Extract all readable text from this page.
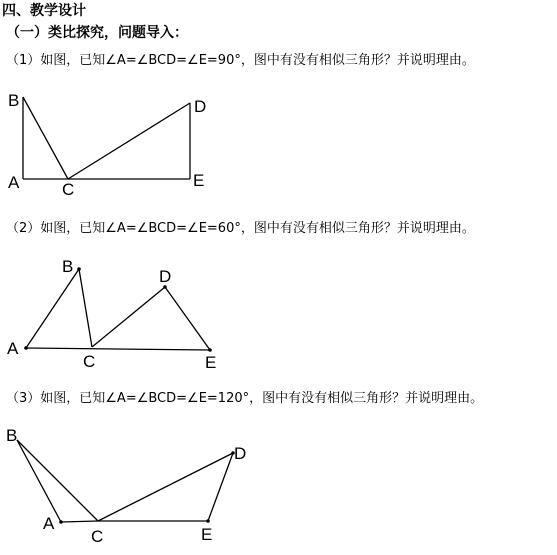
四、教学设计
（一）类比探究，问题导入：
（1）如图，已知∠A=∠BCD=∠E=90°，图中有没有相似三角形？并说明理由。
（2）如图，已知∠A=∠BCD=∠E=60°，图中有没有相似三角形？并说明理由。
（3）如图，已知∠A=∠BCD=∠E=120°，图中有没有相似三角形？并说明理由。
B	D
A	C	E
B
D
A
C	E
B
D
A
C	E
